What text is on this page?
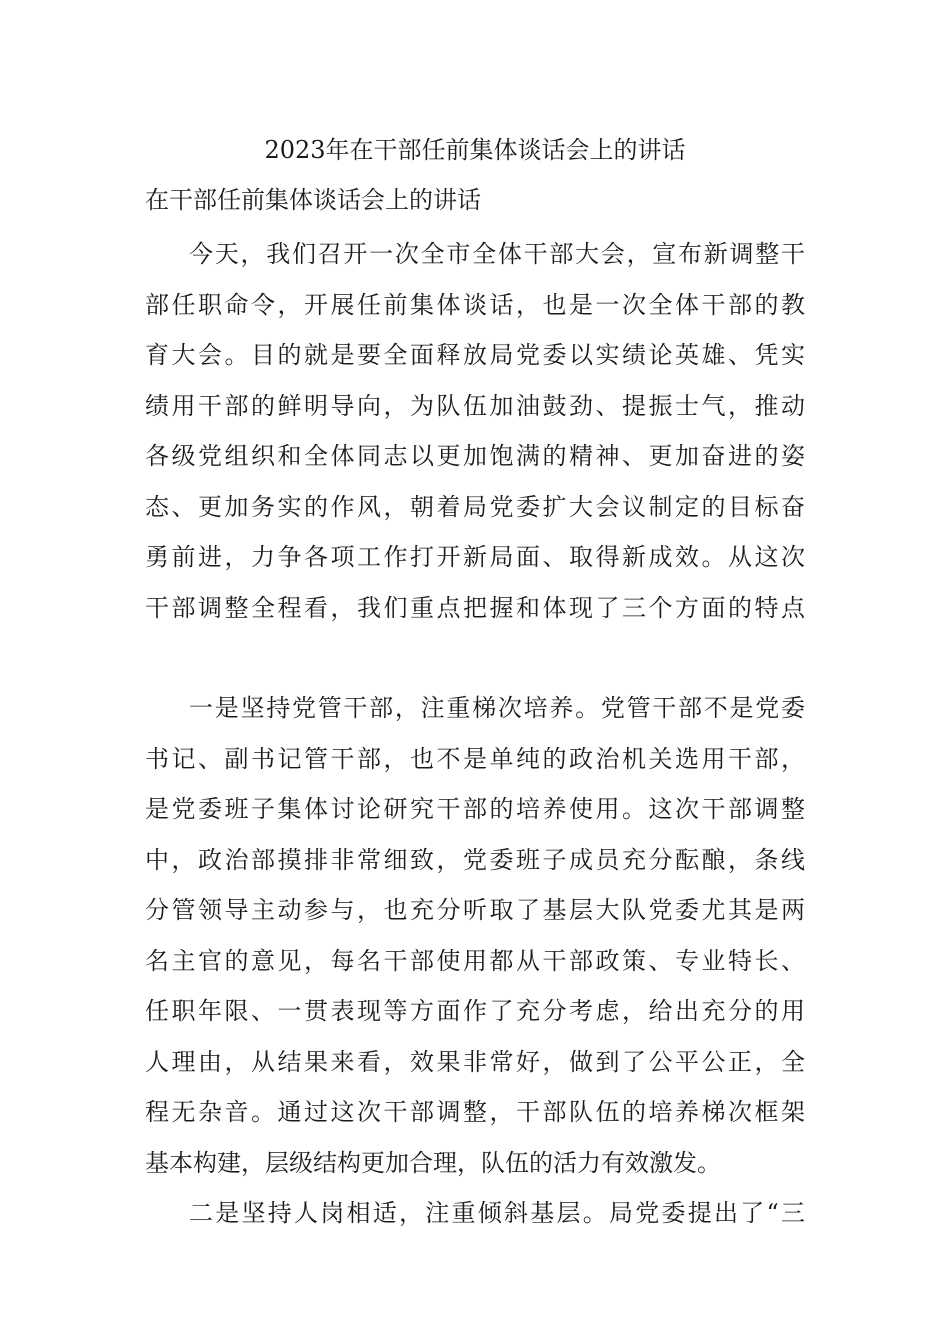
2023年在干部任前集体谈话会上的讲话
在干部任前集体谈话会上的讲话
今天，我们召开一次全市全体干部大会，宣布新调整干
部任职命令，开展任前集体谈话，也是一次全体干部的教
育大会。目的就是要全面释放局党委以实绩论英雄、凭实
绩用干部的鲜明导向，为队伍加油鼓劲、提振士气，推动
各级党组织和全体同志以更加饱满的精神、更加奋进的姿
态、更加务实的作风，朝着局党委扩大会议制定的目标奋
勇前进，力争各项工作打开新局面、取得新成效。从这次
干部调整全程看，我们重点把握和体现了三个方面的特点
一是坚持党管干部，注重梯次培养。党管干部不是党委
书记、副书记管干部，也不是单纯的政治机关选用干部，
是党委班子集体讨论研究干部的培养使用。这次干部调整
中，政治部摸排非常细致，党委班子成员充分酝酿，条线
分管领导主动参与，也充分听取了基层大队党委尤其是两
名主官的意见，每名干部使用都从干部政策、专业特长、
任职年限、一贯表现等方面作了充分考虑，给出充分的用
人理由，从结果来看，效果非常好，做到了公平公正，全
程无杂音。通过这次干部调整，干部队伍的培养梯次框架
基本构建，层级结构更加合理，队伍的活力有效激发。
二是坚持人岗相适，注重倾斜基层。局党委提出了“三
